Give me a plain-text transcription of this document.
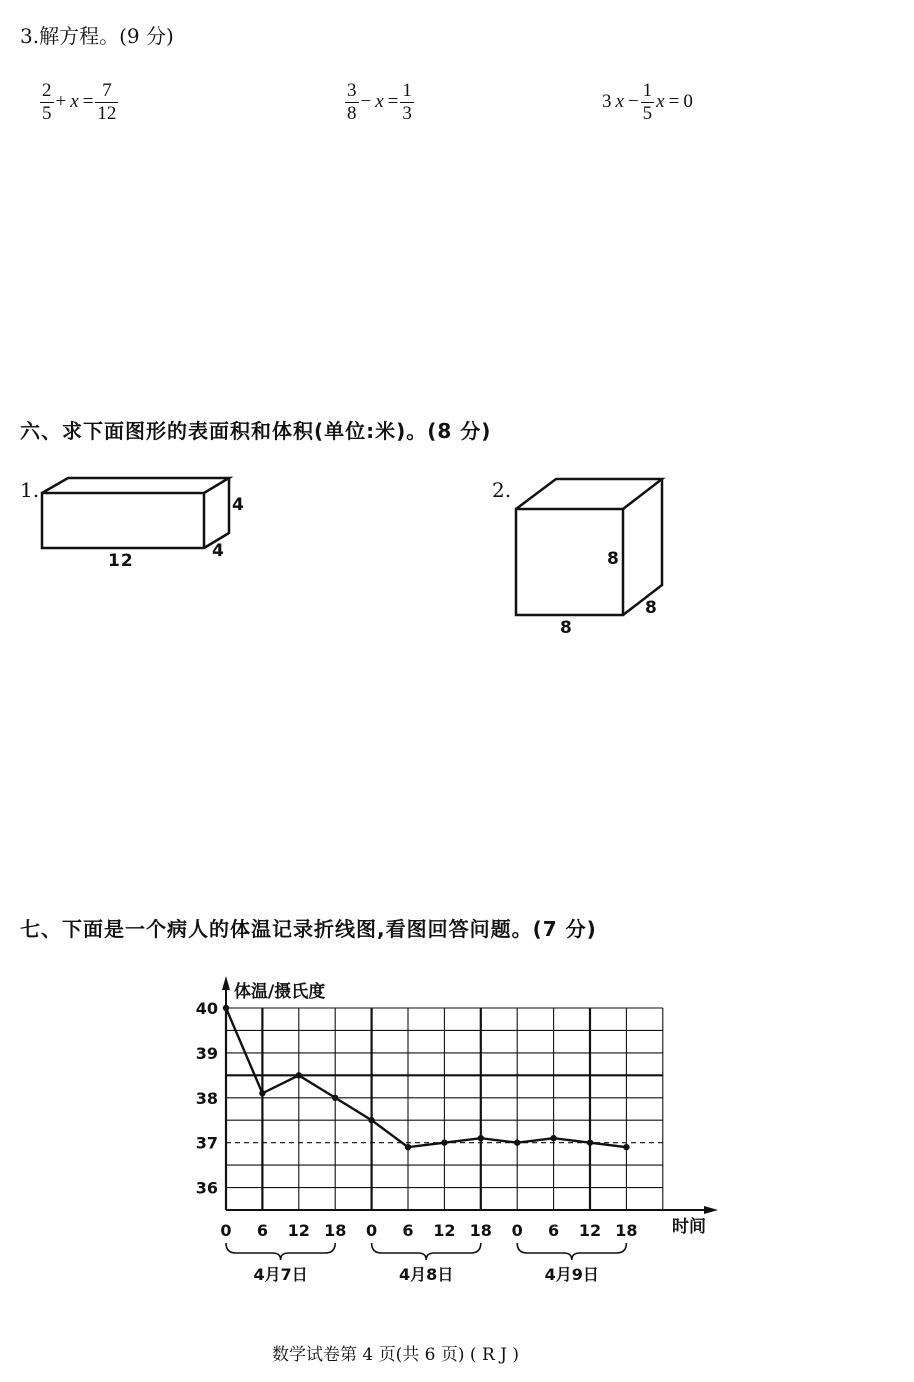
3.解方程。(9 分)
$\frac{2}{5} + x = \frac{7}{12}$	$\frac{3}{8} - x = \frac{1}{3}$	3 $x - \frac{1}{5}$ x = 0
六、求下面图形的表面积和体积(单位:米)。(8 分)
1.
4
4
12
2.
8
8
8
七、下面是一个病人的体温记录折线图,看图回答问题。(7 分)
40
39
38
37
36
0 6 12 18 0 6 12 18 0 6 12 18
4月7日	4月8日	4月9日
体温/摄氏度
时间
数学试卷第 4 页(共 6 页) ( R J )
